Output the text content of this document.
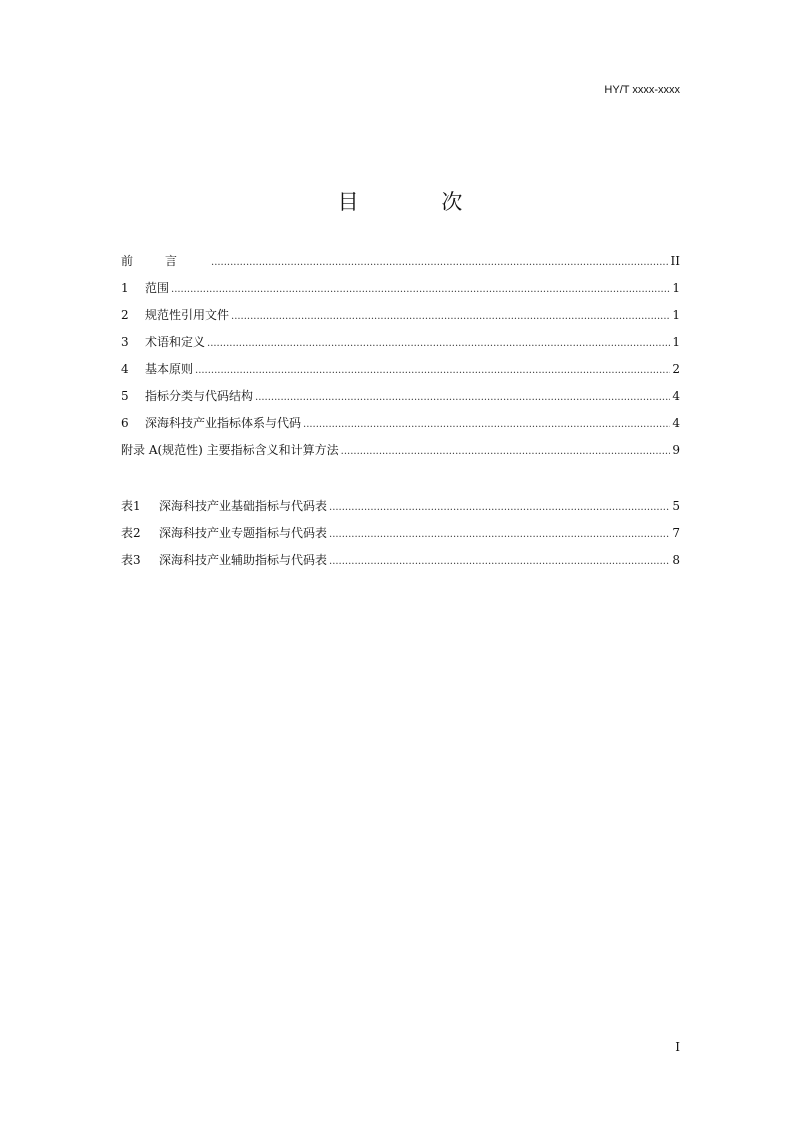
HY/T xxxx-xxxx
目 次
前言 .....	II
1	范围 .....	1
2	规范性引用文件 .....	1
3	术语和定义 .....	1
4	基本原则 .....	2
5	指标分类与代码结构 .....	4
6	深海科技产业指标体系与代码 .....	4
附录 A(规范性) 主要指标含义和计算方法 .....	9
表1	深海科技产业基础指标与代码表 .....	5
表2	深海科技产业专题指标与代码表 .....	7
表3	深海科技产业辅助指标与代码表 .....	8
I
